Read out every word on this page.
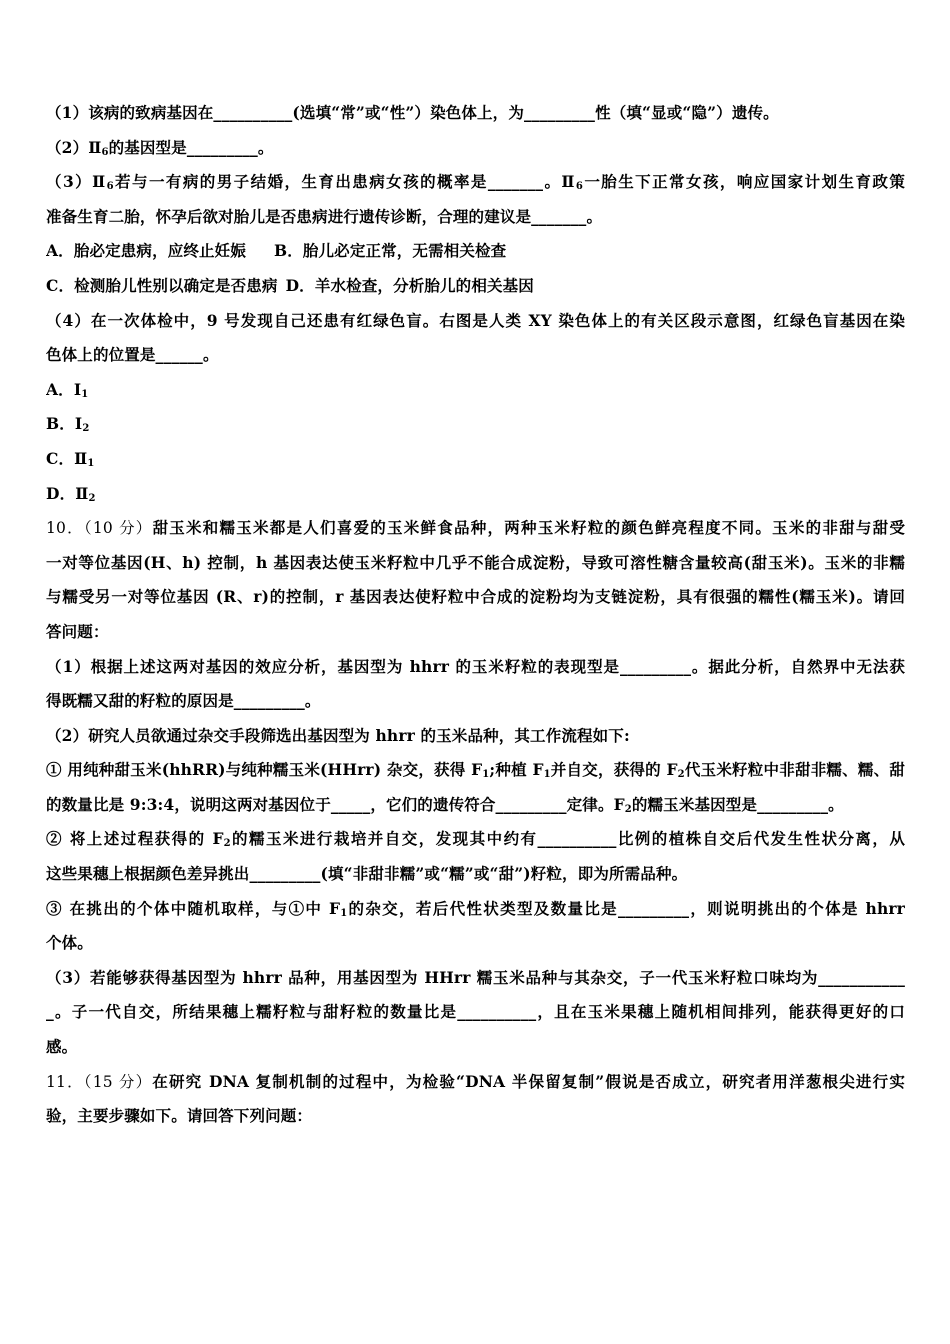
（1）该病的致病基因在__________(选填“常”或“性”）染色体上，为_________性（填“显或“隐”）遗传。
$(2)Ⅱ_6$的基因型是_________。
$(3)Ⅱ_6$若与一有病的男子结婚，生育出患病女孩的概率是_______。$Ⅱ_6$一胎生下正常女孩，响应国家计划生育政策
准备生育二胎，怀孕后欲对胎儿是否患病进行遗传诊断，合理的建议是_______。
A．胎必定患病，应终止妊娠 B．胎儿必定正常，无需相关检查
C．检测胎儿性别以确定是否患病 D．羊水检查，分析胎儿的相关基因
（4）在一次体检中，9 号发现自己还患有红绿色盲。右图是人类 XY 染色体上的有关区段示意图，红绿色盲基因在染
色体上的位置是______。
A．$I_1$
B．$I_2$
C．$Ⅱ_1$
D．$Ⅱ_2$
10．（10 分）甜玉米和糯玉米都是人们喜爱的玉米鲜食品种，两种玉米籽粒的颜色鲜亮程度不同。玉米的非甜与甜受
一对等位基因(H、h) 控制，h 基因表达使玉米籽粒中几乎不能合成淀粉，导致可溶性糖含量较高(甜玉米)。玉米的非糯
与糯受另一对等位基因 (R、r)的控制，r 基因表达使籽粒中合成的淀粉均为支链淀粉，具有很强的糯性(糯玉米)。请回
答问题：
（1）根据上述这两对基因的效应分析，基因型为 hhrr 的玉米籽粒的表现型是_________。据此分析，自然界中无法获
得既糯又甜的籽粒的原因是_________。
（2）研究人员欲通过杂交手段筛选出基因型为 hhrr 的玉米品种，其工作流程如下:
① 用纯种甜玉米(hhRR)与纯种糯玉米(HHrr) 杂交，获得 $F_1$;种植 $F_1$并自交，获得的 $F_2$代玉米籽粒中非甜非糯、糯、甜
的数量比是 9:3:4，说明这两对基因位于_____，它们的遗传符合_________定律。$F_2$的糯玉米基因型是_________。
② 将上述过程获得的 $F_2$的糯玉米进行栽培并自交，发现其中约有__________比例的植株自交后代发生性状分离，从
这些果穗上根据颜色差异挑出_________(填“非甜非糯”或“糯”或“甜”)籽粒，即为所需品种。
③ 在挑出的个体中随机取样，与①中 $F_1$的杂交，若后代性状类型及数量比是_________，则说明挑出的个体是 hhrr
个体。
（3）若能够获得基因型为 hhrr 品种，用基因型为 HHrr 糯玉米品种与其杂交，子一代玉米籽粒口味均为___________
_。子一代自交，所结果穗上糯籽粒与甜籽粒的数量比是__________，且在玉米果穗上随机相间排列，能获得更好的口
感。
11．（15 分）在研究 DNA 复制机制的过程中，为检验“DNA 半保留复制”假说是否成立，研究者用洋葱根尖进行实
验，主要步骤如下。请回答下列问题：
